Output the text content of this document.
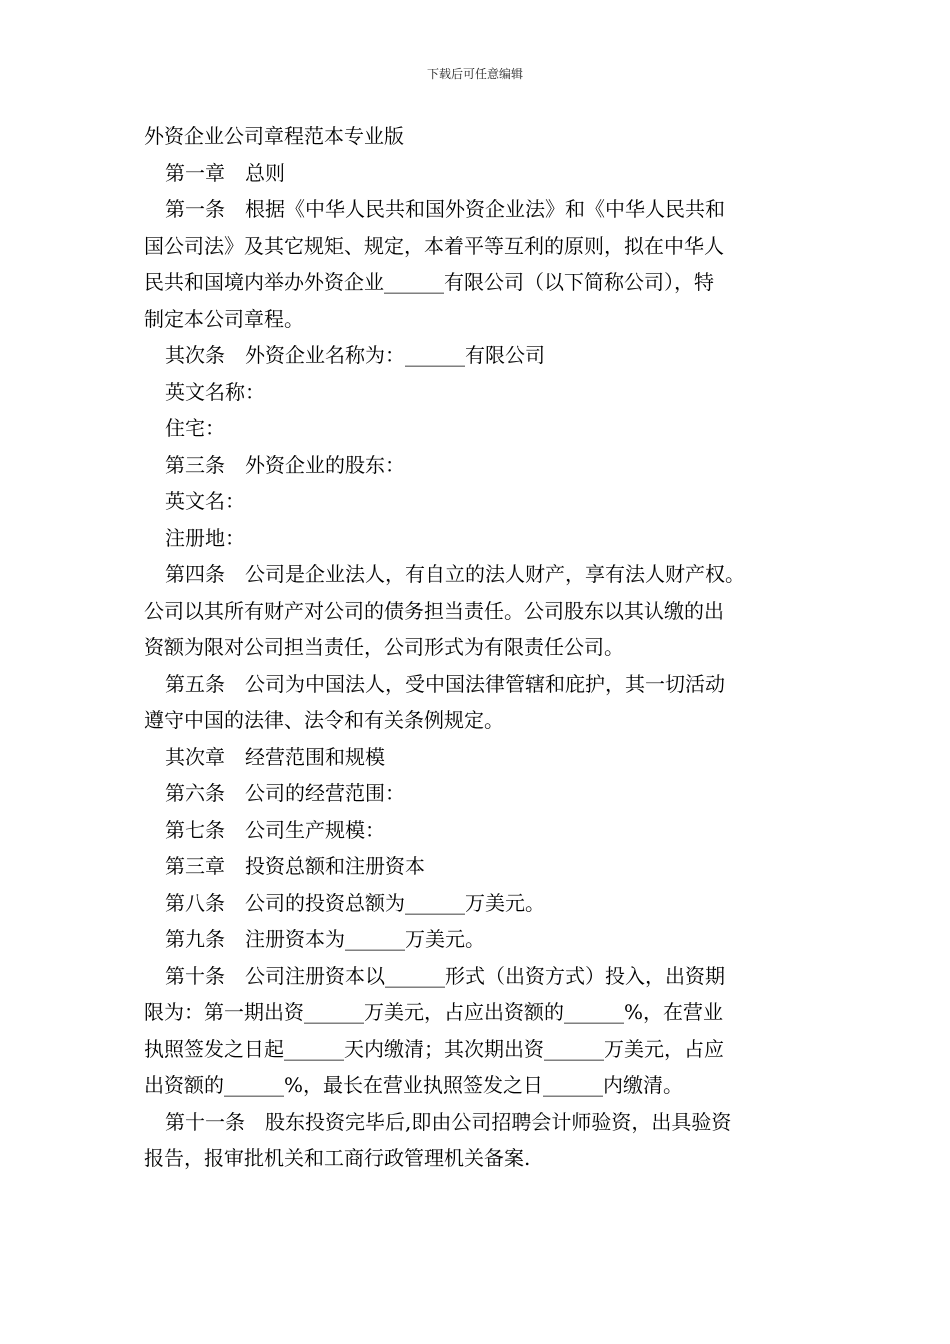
下载后可任意编辑
外资企业公司章程范本专业版
第一章　总则
第一条　根据《中华人民共和国外资企业法》和《中华人民共和
国公司法》及其它规矩、规定，本着平等互利的原则，拟在中华人
民共和国境内举办外资企业______有限公司（以下简称公司），特
制定本公司章程。
其次条　外资企业名称为：______有限公司
英文名称：
住宅：
第三条　外资企业的股东：
英文名：
注册地：
第四条　公司是企业法人，有自立的法人财产，享有法人财产权。
公司以其所有财产对公司的债务担当责任。公司股东以其认缴的出
资额为限对公司担当责任，公司形式为有限责任公司。
第五条　公司为中国法人，受中国法律管辖和庇护，其一切活动
遵守中国的法律、法令和有关条例规定。
其次章　经营范围和规模
第六条　公司的经营范围：
第七条　公司生产规模：
第三章　投资总额和注册资本
第八条　公司的投资总额为______万美元。
第九条　注册资本为______万美元。
第十条　公司注册资本以______形式（出资方式）投入，出资期
限为：第一期出资______万美元，占应出资额的______%，在营业
执照签发之日起______天内缴清；其次期出资______万美元，占应
出资额的______%，最长在营业执照签发之日______内缴清。
第十一条　股东投资完毕后,即由公司招聘会计师验资，出具验资
报告，报审批机关和工商行政管理机关备案.
